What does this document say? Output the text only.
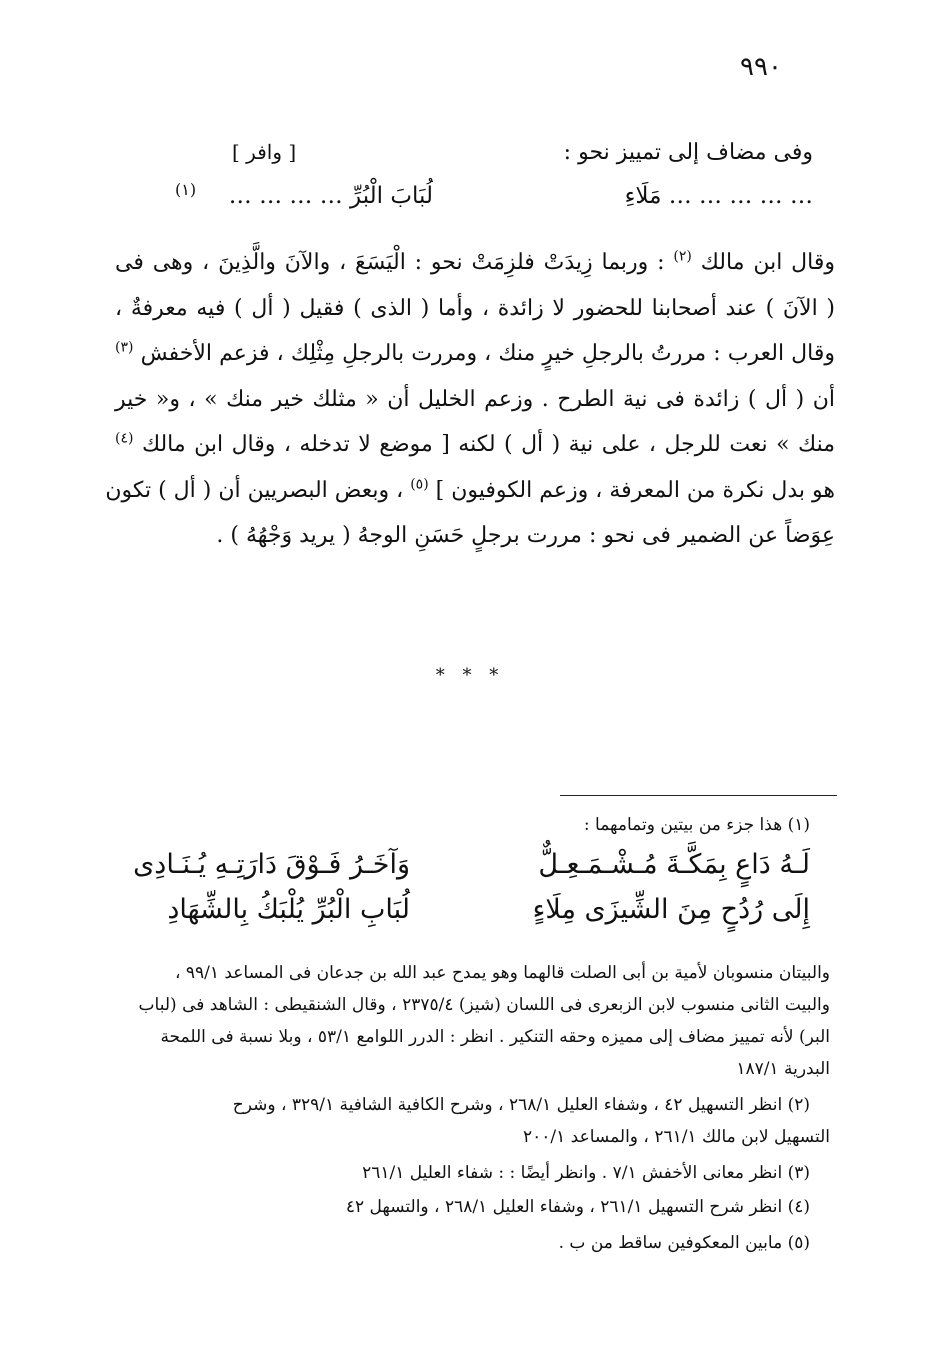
٩٩٠
وفى مضاف إلى تمييز نحو :
[ وافر ]
… … … … … مَلَاءِ
لُبَابَ الْبُرِّ … … … …
(١)
وقال ابن مالك $^{(٢)}$ : وربما زِيدَتْ فلزِمَتْ نحو : الْيَسَعَ ، والآنَ والَّذِينَ ، وهى فى
( الآنَ ) عند أصحابنا للحضور لا زائدة ، وأما ( الذى ) فقيل ( أل ) فيه معرفةٌ ،
وقال العرب : مررتُ بالرجلِ خيرٍ منك ، ومررت بالرجلِ مِثْلِك ، فزعم الأخفش $^{(٣)}$
أن ( أل ) زائدة فى نية الطرح . وزعم الخليل أن « مثلك خير منك » ، و« خير
منك » نعت للرجل ، على نية ( أل ) لكنه [ موضع لا تدخله ، وقال ابن مالك $^{(٤)}$
هو بدل نكرة من المعرفة ، وزعم الكوفيون ] $^{(٥)}$ ، وبعض البصريين أن ( أل ) تكون
عِوَضاً عن الضمير فى نحو : مررت برجلٍ حَسَنِ الوجهُ ( يريد وَجْهُهُ ) .
* * *
(١) هذا جزء من بيتين وتمامهما :
لَـهُ دَاعٍ بِمَكَّـةَ مُـشْـمَـعِـلٌّ
وَآخَـرُ فَـوْقَ دَارَتِـهِ يُـنَـادِى
إِلَى رُدُحٍ مِنَ الشِّيزَى مِلَاءٍ
لُبَابِ الْبُرِّ يُلْبَكُ بِالشِّهَادِ
والبيتان منسوبان لأمية بن أبى الصلت قالهما وهو يمدح عبد الله بن جدعان فى المساعد ٩٩/١ ،
والبيت الثانى منسوب لابن الزبعرى فى اللسان (شيز) ٢٣٧٥/٤ ، وقال الشنقيطى : الشاهد فى (لباب
البر) لأنه تمييز مضاف إلى مميزه وحقه التنكير . انظر : الدرر اللوامع ٥٣/١ ، وبلا نسبة فى اللمحة
البدرية ١٨٧/١
(٢) انظر التسهيل ٤٢ ، وشفاء العليل ٢٦٨/١ ، وشرح الكافية الشافية ٣٢٩/١ ، وشرح
التسهيل لابن مالك ٢٦١/١ ، والمساعد ٢٠٠/١
(٣) انظر معانى الأخفش ٧/١ . وانظر أيضًا : : شفاء العليل ٢٦١/١
(٤) انظر شرح التسهيل ٢٦١/١ ، وشفاء العليل ٢٦٨/١ ، والتسهل ٤٢
(٥) مابين المعكوفين ساقط من ب .
